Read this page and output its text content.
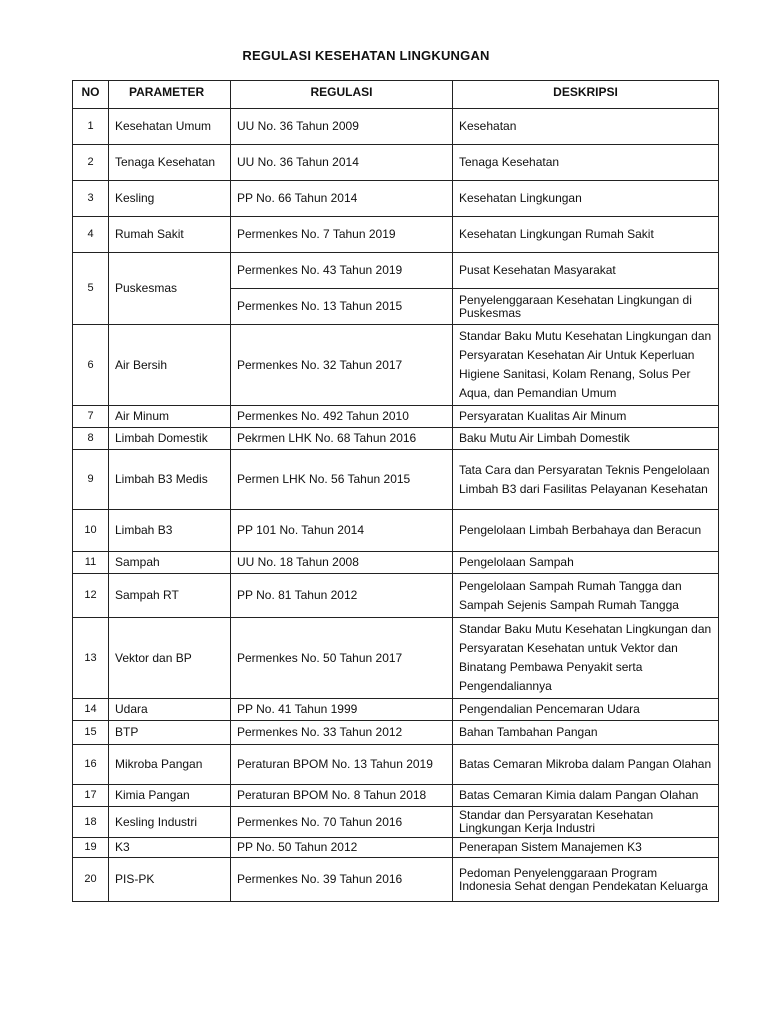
REGULASI KESEHATAN LINGKUNGAN
NO	PARAMETER	REGULASI	DESKRIPSI
1	Kesehatan Umum	UU No. 36 Tahun 2009	Kesehatan
2	Tenaga Kesehatan	UU No. 36 Tahun 2014	Tenaga Kesehatan
3	Kesling	PP No. 66 Tahun 2014	Kesehatan Lingkungan
4	Rumah Sakit	Permenkes No. 7 Tahun 2019	Kesehatan Lingkungan Rumah Sakit
5	Puskesmas	Permenkes No. 43 Tahun 2019	Pusat Kesehatan Masyarakat
		Permenkes No. 13 Tahun 2015	Penyelenggaraan Kesehatan Lingkungan di Puskesmas
6	Air Bersih	Permenkes No. 32 Tahun 2017	Standar Baku Mutu Kesehatan Lingkungan dan Persyaratan Kesehatan Air Untuk Keperluan Higiene Sanitasi, Kolam Renang, Solus Per Aqua, dan Pemandian Umum
7	Air Minum	Permenkes No. 492 Tahun 2010	Persyaratan Kualitas Air Minum
8	Limbah Domestik	Pekrmen LHK No. 68 Tahun 2016	Baku Mutu Air Limbah Domestik
9	Limbah B3 Medis	Permen LHK No. 56 Tahun 2015	Tata Cara dan Persyaratan Teknis Pengelolaan Limbah B3 dari Fasilitas Pelayanan Kesehatan
10	Limbah B3	PP 101 No. Tahun 2014	Pengelolaan Limbah Berbahaya dan Beracun
11	Sampah	UU No. 18 Tahun 2008	Pengelolaan Sampah
12	Sampah RT	PP No. 81 Tahun 2012	Pengelolaan Sampah Rumah Tangga dan Sampah Sejenis Sampah Rumah Tangga
13	Vektor dan BP	Permenkes No. 50 Tahun 2017	Standar Baku Mutu Kesehatan Lingkungan dan Persyaratan Kesehatan untuk Vektor dan Binatang Pembawa Penyakit serta Pengendaliannya
14	Udara	PP No. 41 Tahun 1999	Pengendalian Pencemaran Udara
15	BTP	Permenkes No. 33 Tahun 2012	Bahan Tambahan Pangan
16	Mikroba Pangan	Peraturan BPOM No. 13 Tahun 2019	Batas Cemaran Mikroba dalam Pangan Olahan
17	Kimia Pangan	Peraturan BPOM No. 8 Tahun 2018	Batas Cemaran Kimia dalam Pangan Olahan
18	Kesling Industri	Permenkes No. 70 Tahun 2016	Standar dan Persyaratan Kesehatan Lingkungan Kerja Industri
19	K3	PP No. 50 Tahun 2012	Penerapan Sistem Manajemen K3
20	PIS-PK	Permenkes No. 39 Tahun 2016	Pedoman Penyelenggaraan Program Indonesia Sehat dengan Pendekatan Keluarga
